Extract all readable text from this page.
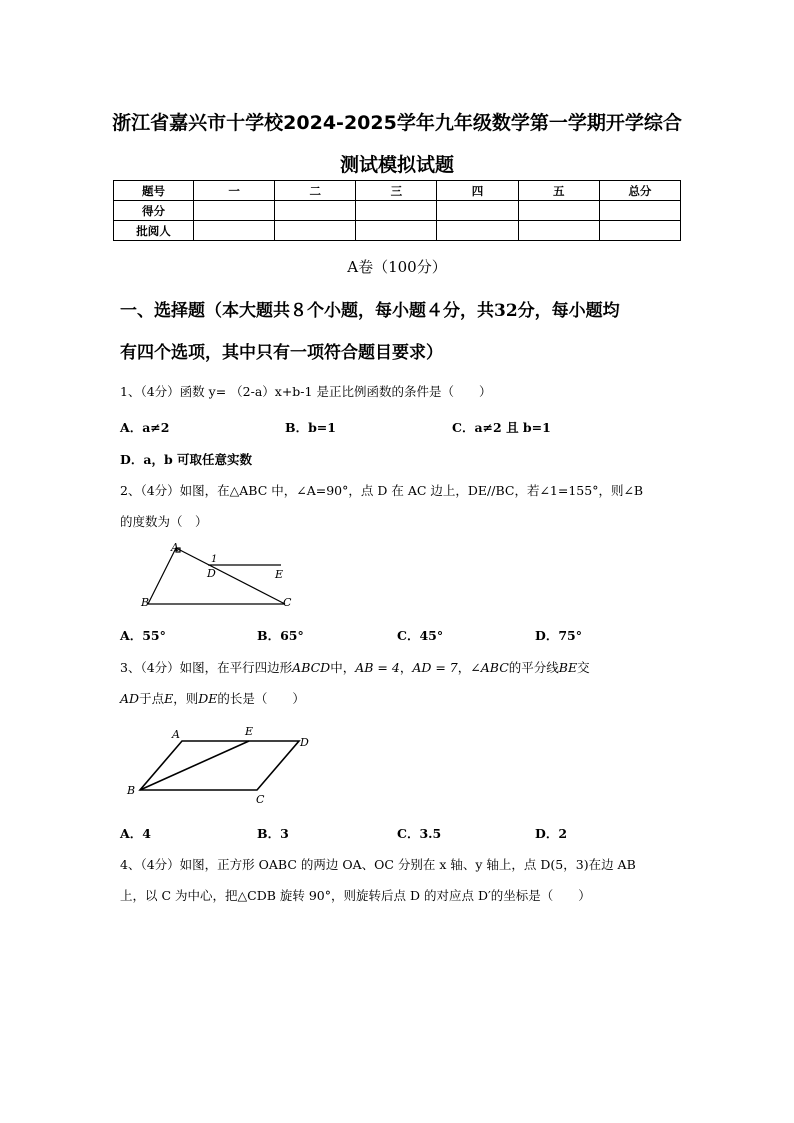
浙江省嘉兴市十学校2024-2025学年九年级数学第一学期开学综合
测试模拟试题
题号	一	二	三	四	五	总分
得分						
批阅人						
A卷（100分）
一、选择题（本大题共８个小题，每小题４分，共32分，每小题均
有四个选项，其中只有一项符合题目要求）
1、（4分）函数 y= （2-a）x+b-1 是正比例函数的条件是（　　）
A．a≠2	B．b=1	C．a≠2 且 b=1
D．a，b 可取任意实数
2、（4分）如图，在△ABC 中，∠A=90°，点 D 在 AC 边上，DE//BC，若∠1=155°，则∠B
的度数为（　）
A
1
D	E
B	C
A．55°	B．65°	C．45°	D．75°
3、（4分）如图，在平行四边形ABCD中，AB = 4，AD = 7，∠ABC的平分线BE交
AD于点E，则DE的长是（　　）
A	E
D
B
C
A．4	B．3	C．3.5	D．2
4、（4分）如图，正方形 OABC 的两边 OA、OC 分别在 x 轴、y 轴上，点 D(5，3)在边 AB
上，以 C 为中心，把△CDB 旋转 90°，则旋转后点 D 的对应点 D′的坐标是（　　）
